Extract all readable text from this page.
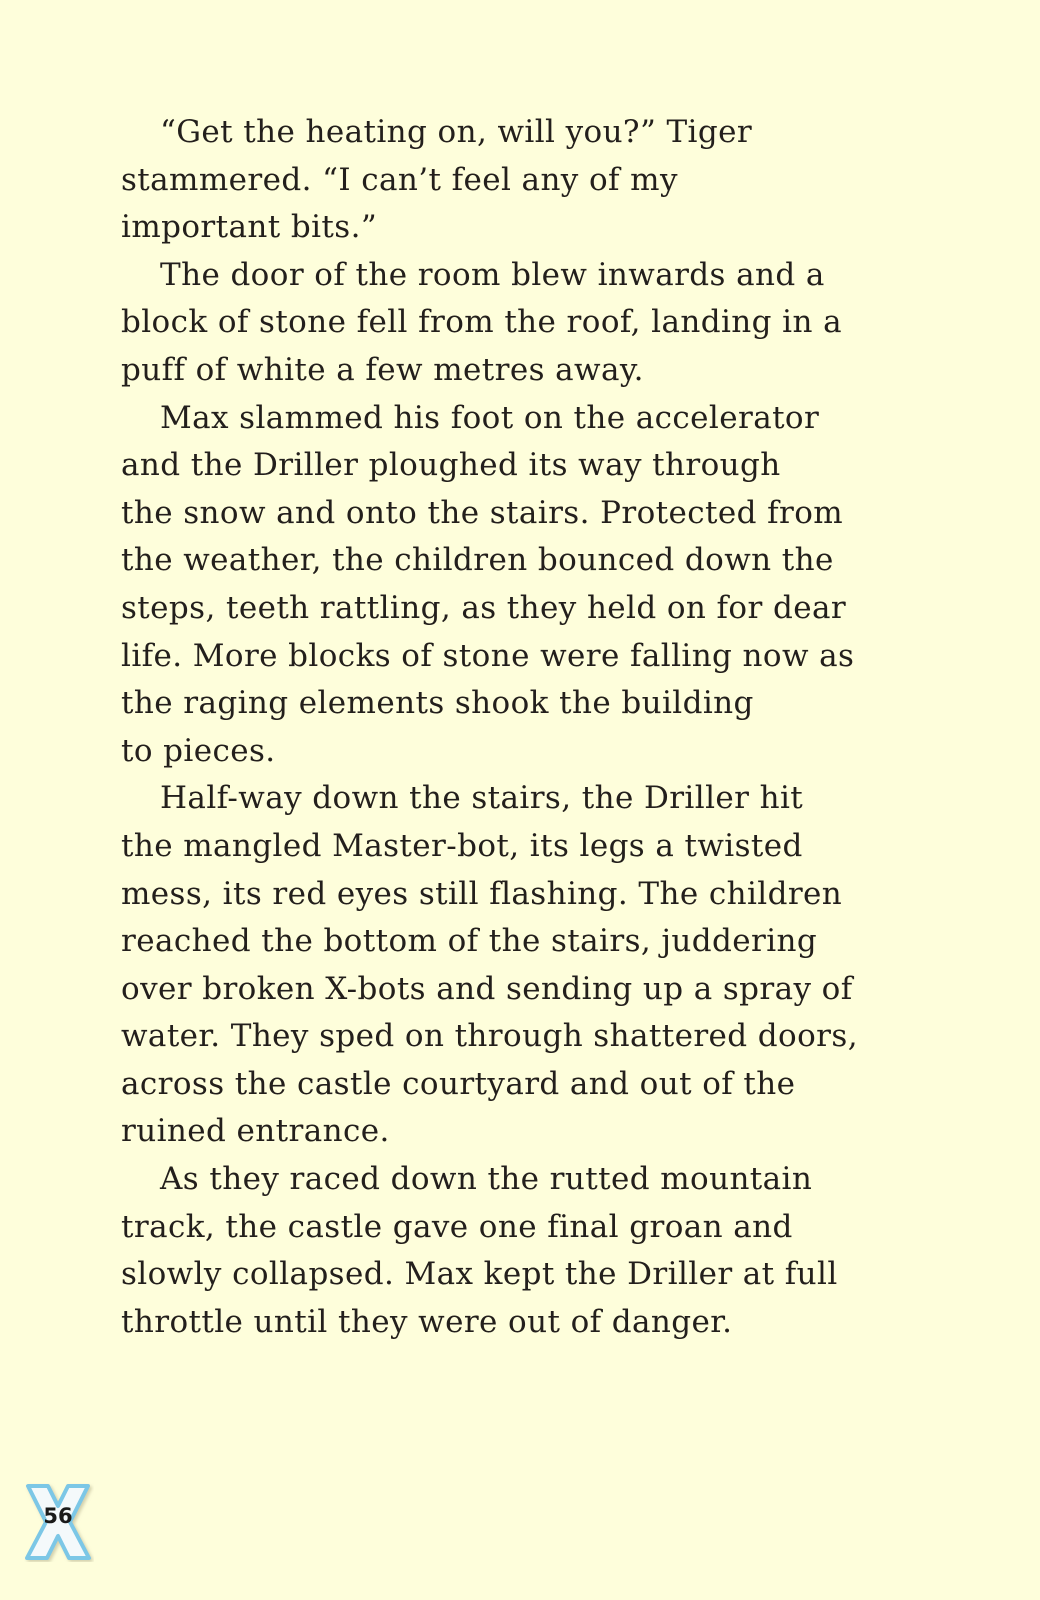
“Get the heating on, will you?” Tiger
stammered. “I can’t feel any of my
important bits.”
The door of the room blew inwards and a
block of stone fell from the roof, landing in a
puff of white a few metres away.
Max slammed his foot on the accelerator
and the Driller ploughed its way through
the snow and onto the stairs. Protected from
the weather, the children bounced down the
steps, teeth rattling, as they held on for dear
life. More blocks of stone were falling now as
the raging elements shook the building
to pieces.
Half-way down the stairs, the Driller hit
the mangled Master-bot, its legs a twisted
mess, its red eyes still flashing. The children
reached the bottom of the stairs, juddering
over broken X-bots and sending up a spray of
water. They sped on through shattered doors,
across the castle courtyard and out of the
ruined entrance.
As they raced down the rutted mountain
track, the castle gave one final groan and
slowly collapsed. Max kept the Driller at full
throttle until they were out of danger.
56
